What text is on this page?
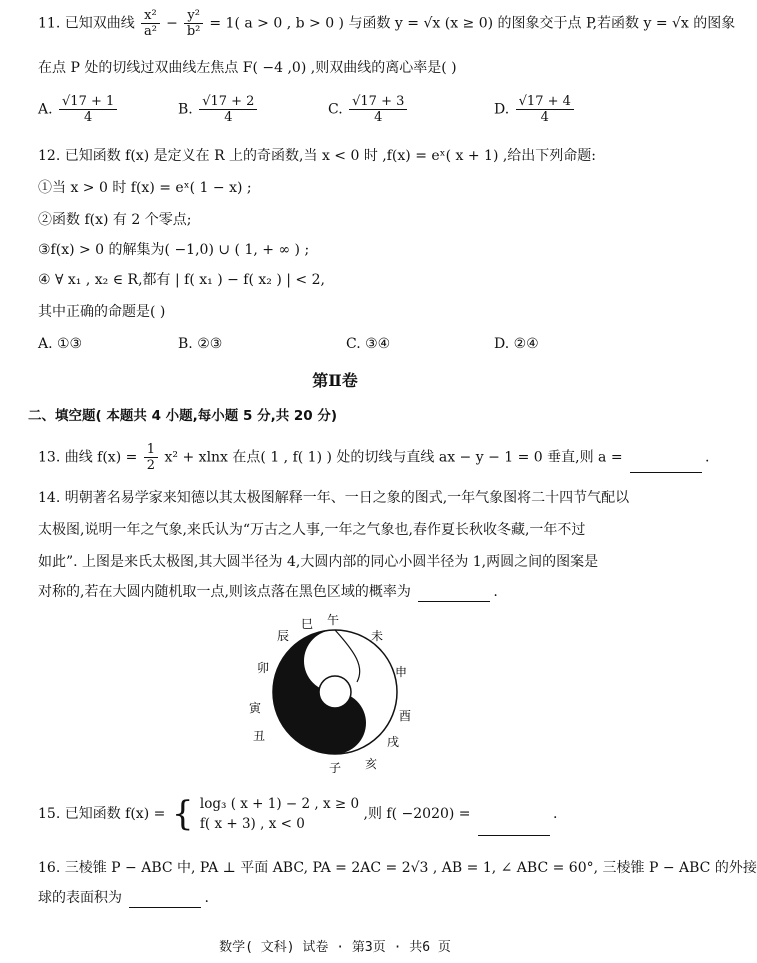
11. 已知双曲线 $\frac{\text{x²}}{\text{a²}} - \frac{\text{y²}}{\text{b²}} = 1$( a > 0 , b > 0 ) 与函数 y = √x (x ≥ 0) 的图象交于点 P,若函数 y = √x 的图象
在点 P 处的切线过双曲线左焦点 F( −4 ,0) ,则双曲线的离心率是( )
A. $\frac{√17 + 1}{4}$	B. $\frac{√17 + 2}{4}$	C. $\frac{√17 + 3}{4}$	D. $\frac{√17 + 4}{4}$
12. 已知函数 f(x) 是定义在 R 上的奇函数,当 x < 0 时 ,f(x) = eˣ( x + 1) ,给出下列命题:
①当 x > 0 时 f(x) = eˣ( 1 − x) ;
②函数 f(x) 有 2 个零点;
③f(x) > 0 的解集为( −1,0) ∪ ( 1, + ∞ ) ;
④ ∀ x₁ , x₂ ∈ R,都有 | f( x₁ ) − f( x₂ ) | < 2,
其中正确的命题是( )
A. ①③	B. ②③	C. ③④	D. ②④
第Ⅱ卷
二、填空题( 本题共 4 小题,每小题 5 分,共 20 分)
13. 曲线 $f(x) = \frac{1}{2} x^2 + xlnx$ 在点( 1 , f( 1) ) 处的切线与直线 ax − y − 1 = 0 垂直,则 a =	.
14. 明朝著名易学家来知德以其太极图解释一年、一日之象的图式,一年气象图将二十四节气配以
太极图,说明一年之气象,来氏认为“万古之人事,一年之气象也,春作夏长秋收冬藏,一年不过
如此”. 上图是来氏太极图,其大圆半径为 4,大圆内部的同心小圆半径为 1,两圆之间的图案是
对称的,若在大圆内随机取一点,则该点落在黑色区域的概率为	.
午
未
申
酉
戌
亥
子
丑
寅
卯
辰
巳
15. 已知函数 f(x) = { log₃ ( x + 1) − 2 , x ≥ 0
f( x + 3) , x < 0
,则 f( −2020) =	.
16. 三棱锥 P − ABC 中, PA ⊥ 平面 ABC, PA = 2AC = 2√3 , AB = 1, ∠ ABC = 60°, 三棱锥 P − ABC 的外接
球的表面积为	.
数学( 文科) 试卷 · 第3页 · 共6 页
